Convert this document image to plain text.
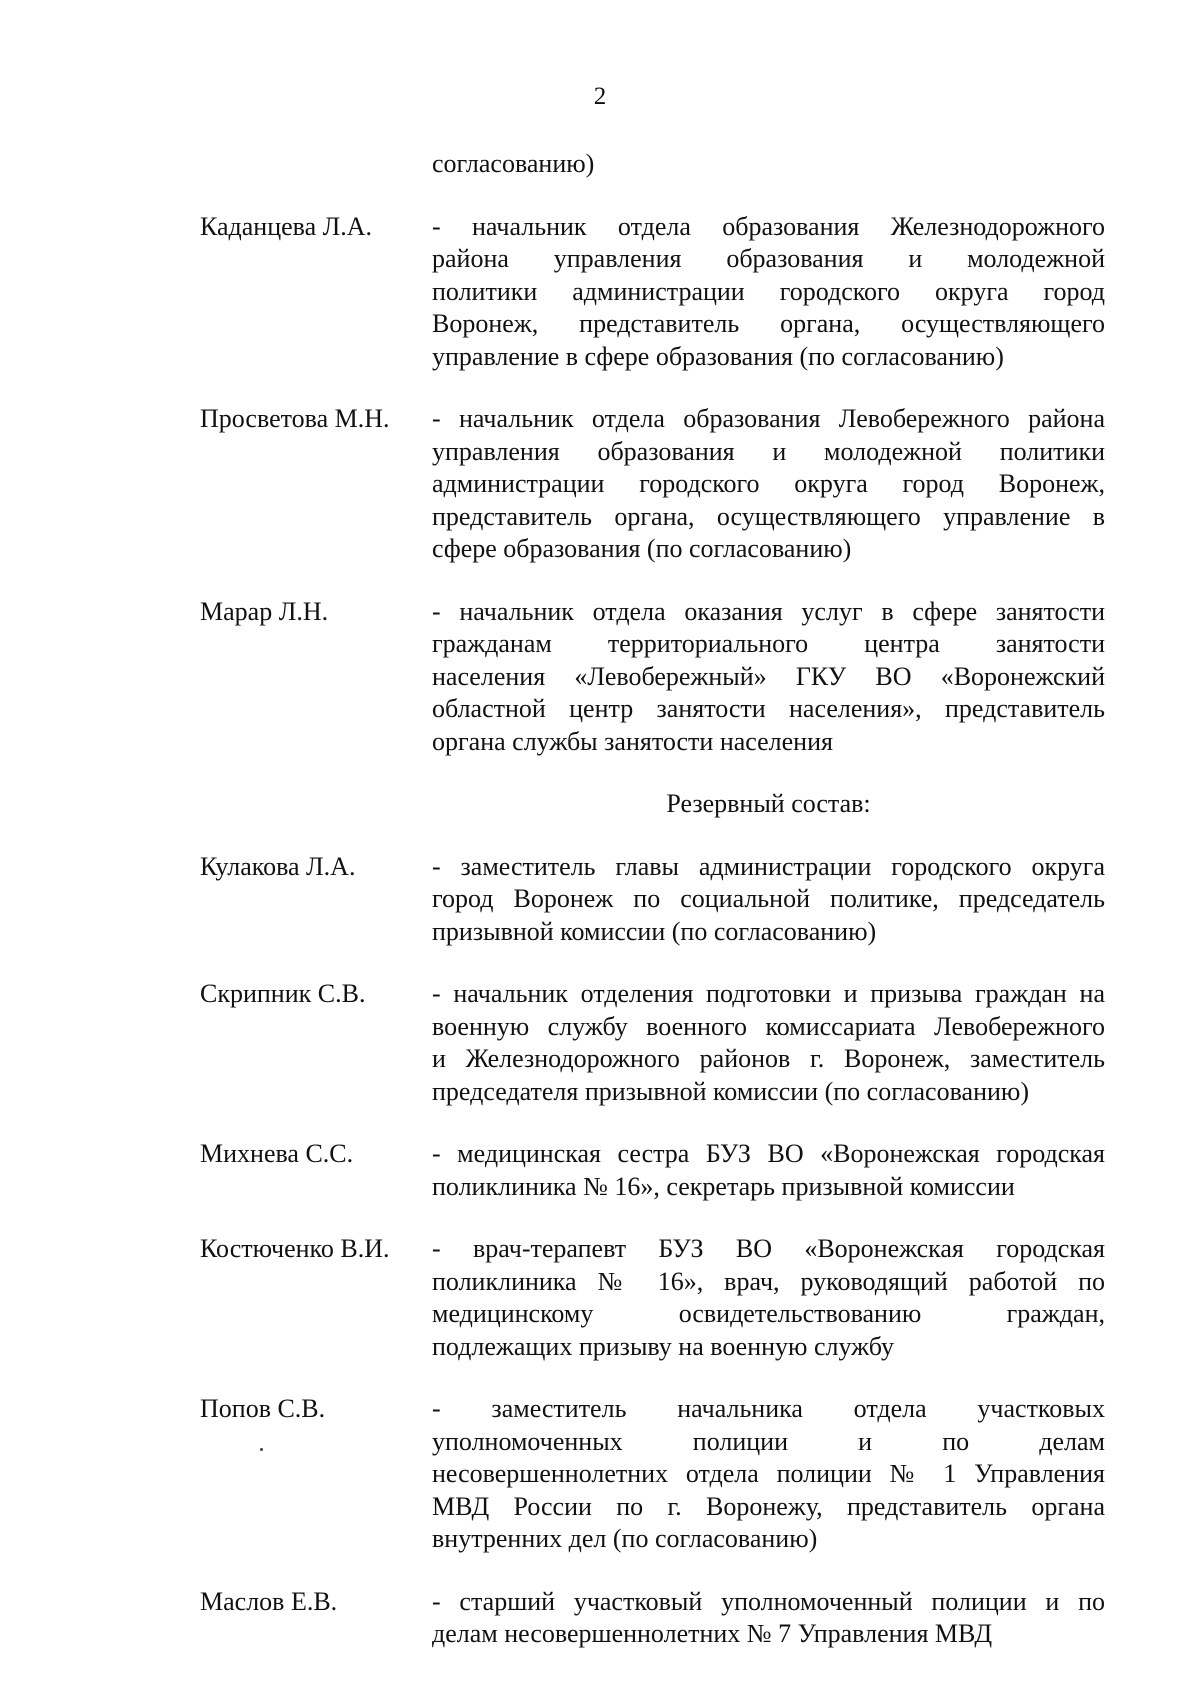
2
согласованию)
Каданцева Л.А.	- начальник отдела образования Железнодорожного
района управления образования и молодежной
политики администрации городского округа город
Воронеж, представитель органа, осуществляющего
управление в сфере образования (по согласованию)
Просветова М.Н.	- начальник отдела образования Левобережного района
управления образования и молодежной политики
администрации городского округа город Воронеж,
представитель органа, осуществляющего управление в
сфере образования (по согласованию)
Марар Л.Н.	- начальник отдела оказания услуг в сфере занятости
гражданам территориального центра занятости
населения «Левобережный» ГКУ ВО «Воронежский
областной центр занятости населения», представитель
органа службы занятости населения
Резервный состав:
Кулакова Л.А.	- заместитель главы администрации городского округа
город Воронеж по социальной политике, председатель
призывной комиссии (по согласованию)
Скрипник С.В.	- начальник отделения подготовки и призыва граждан на
военную службу военного комиссариата Левобережного
и Железнодорожного районов г. Воронеж, заместитель
председателя призывной комиссии (по согласованию)
Михнева С.С.	- медицинская сестра БУЗ ВО «Воронежская городская
поликлиника № 16», секретарь призывной комиссии
Костюченко В.И.	- врач-терапевт БУЗ ВО «Воронежская городская
поликлиника № 16», врач, руководящий работой по
медицинскому освидетельствованию граждан,
подлежащих призыву на военную службу
Попов С.В.	- заместитель начальника отдела участковых
уполномоченных полиции и по делам
несовершеннолетних отдела полиции № 1 Управления
МВД России по г. Воронежу, представитель органа
внутренних дел (по согласованию)
Маслов Е.В.	- старший участковый уполномоченный полиции и по
делам несовершеннолетних № 7 Управления МВД
